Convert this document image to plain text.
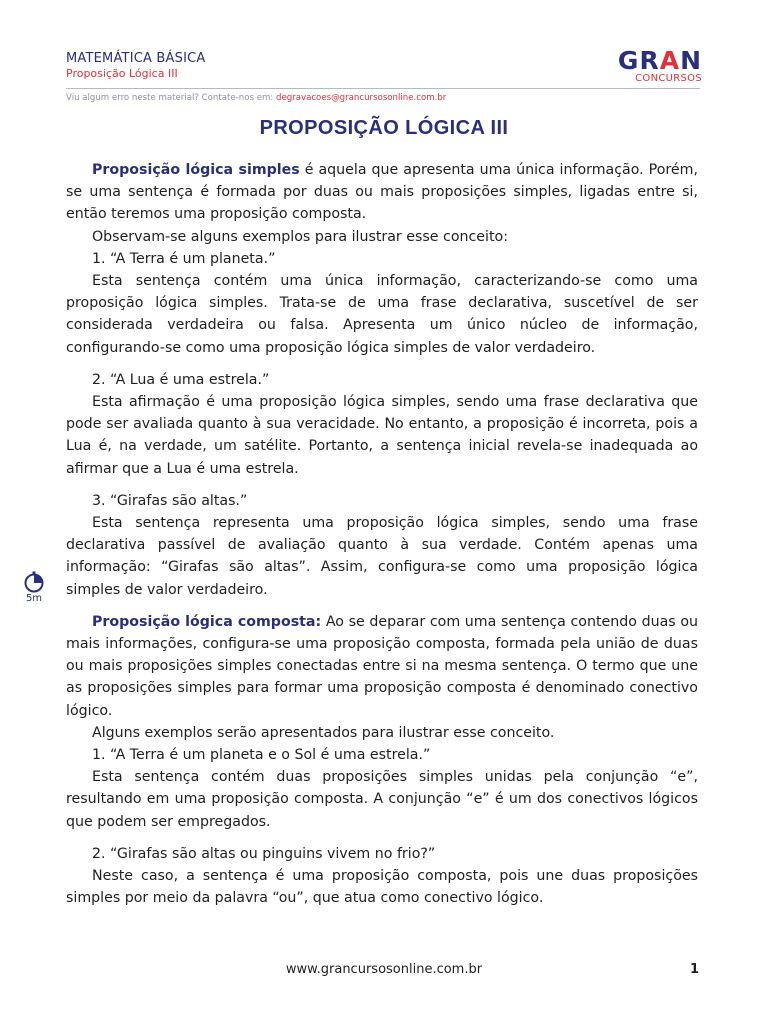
MATEMÁTICA BÁSICA
Proposição Lógica III	GRAN
CONCURSOS
Viu algum erro neste material? Contate-nos em: degravacoes@grancursosonline.com.br
PROPOSIÇÃO LÓGICA III

Proposição lógica simples é aquela que apresenta uma única informação. Porém, se uma sentença é formada por duas ou mais proposições simples, ligadas entre si, então teremos uma proposição composta.

Observam-se alguns exemplos para ilustrar esse conceito:

1. “A Terra é um planeta.”

Esta sentença contém uma única informação, caracterizando-se como uma proposição lógica simples. Trata-se de uma frase declarativa, suscetível de ser considerada verdadeira ou falsa. Apresenta um único núcleo de informação, configurando-se como uma proposição lógica simples de valor verdadeiro.

2. “A Lua é uma estrela.”

Esta afirmação é uma proposição lógica simples, sendo uma frase declarativa que pode ser avaliada quanto à sua veracidade. No entanto, a proposição é incorreta, pois a Lua é, na verdade, um satélite. Portanto, a sentença inicial revela-se inadequada ao afirmar que a Lua é uma estrela.

3. “Girafas são altas.”

Esta sentença representa uma proposição lógica simples, sendo uma frase declarativa passível de avaliação quanto à sua verdade. Contém apenas uma informação: “Girafas são altas”. Assim, configura-se como uma proposição lógica simples de valor verdadeiro.

Proposição lógica composta: Ao se deparar com uma sentença contendo duas ou mais informações, configura-se uma proposição composta, formada pela união de duas ou mais proposições simples conectadas entre si na mesma sentença. O termo que une as proposições simples para formar uma proposição composta é denominado conectivo lógico.

Alguns exemplos serão apresentados para ilustrar esse conceito.

1. “A Terra é um planeta e o Sol é uma estrela.”

Esta sentença contém duas proposições simples unidas pela conjunção “e”, resultando em uma proposição composta. A conjunção “e” é um dos conectivos lógicos que podem ser empregados.

2. “Girafas são altas ou pinguins vivem no frio?”

Neste caso, a sentença é uma proposição composta, pois une duas proposições simples por meio da palavra “ou”, que atua como conectivo lógico.

5m
www.grancursosonline.com.br	1
